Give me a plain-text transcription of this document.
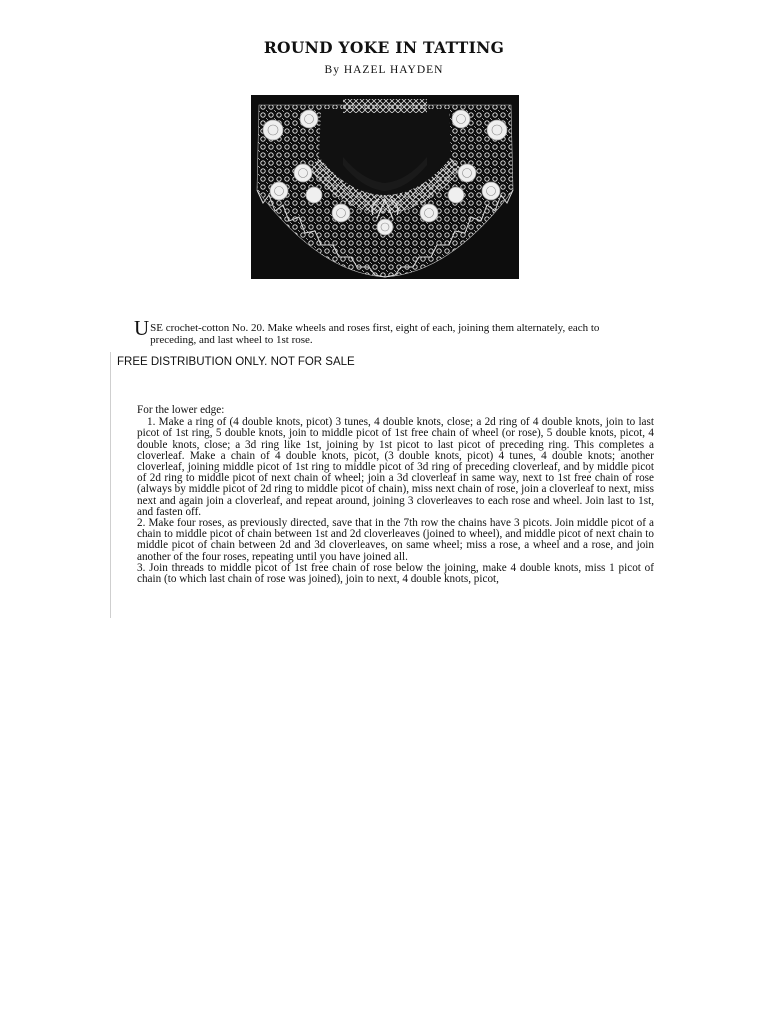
ROUND YOKE IN TATTING
By HAZEL HAYDEN
USE crochet-cotton No. 20. Make wheels and roses first, eight of each, joining them alternately, each to preceding, and last wheel to 1st rose.
FREE DISTRIBUTION ONLY. NOT FOR SALE

For the lower edge:

1. Make a ring of (4 double knots, picot) 3 tunes, 4 double knots, close; a 2d ring of 4 double knots, join to last picot of 1st ring, 5 double knots, join to middle picot of 1st free chain of wheel (or rose), 5 double knots, picot, 4 double knots, close; a 3d ring like 1st, joining by 1st picot to last picot of preceding ring. This completes a cloverleaf. Make a chain of 4 double knots, picot, (3 double knots, picot) 4 tunes, 4 double knots; another cloverleaf, joining middle picot of 1st ring to middle picot of 3d ring of preceding cloverleaf, and by middle picot of 2d ring to middle picot of next chain of wheel; join a 3d cloverleaf in same way, next to 1st free chain of rose (always by middle picot of 2d ring to middle picot of chain), miss next chain of rose, join a cloverleaf to next, miss next and again join a cloverleaf, and repeat around, joining 3 cloverleaves to each rose and wheel. Join last to 1st, and fasten off.

2. Make four roses, as previously directed, save that in the 7th row the chains have 3 picots. Join middle picot of a chain to middle picot of chain between 1st and 2d cloverleaves (joined to wheel), and middle picot of next chain to middle picot of chain between 2d and 3d cloverleaves, on same wheel; miss a rose, a wheel and a rose, and join another of the four roses, repeating until you have joined all.

3. Join threads to middle picot of 1st free chain of rose below the joining, make 4 double knots, miss 1 picot of chain (to which last chain of rose was joined), join to next, 4 double knots, picot,
